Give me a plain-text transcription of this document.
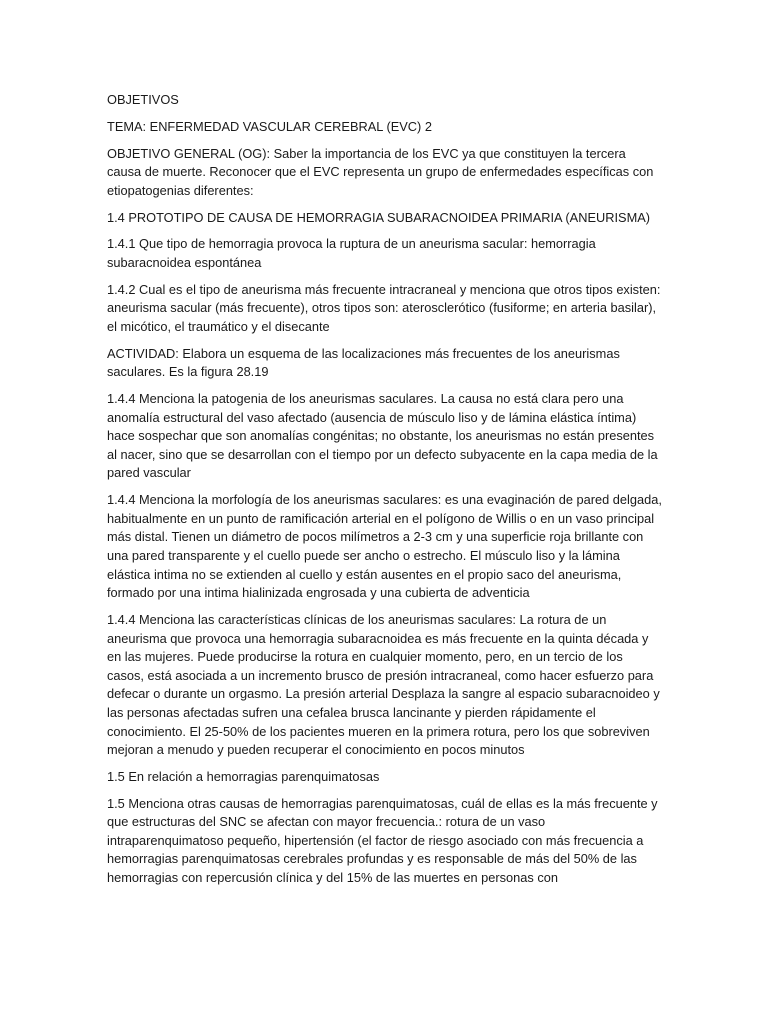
OBJETIVOS

TEMA: ENFERMEDAD VASCULAR CEREBRAL (EVC) 2

OBJETIVO GENERAL (OG): Saber la importancia de los EVC ya que constituyen la tercera causa de muerte. Reconocer que el EVC representa un grupo de enfermedades específicas con etiopatogenias diferentes:

1.4 PROTOTIPO DE CAUSA DE HEMORRAGIA SUBARACNOIDEA PRIMARIA (ANEURISMA)

1.4.1 Que tipo de hemorragia provoca la ruptura de un aneurisma sacular: hemorragia subaracnoidea espontánea

1.4.2 Cual es el tipo de aneurisma más frecuente intracraneal y menciona que otros tipos existen: aneurisma sacular (más frecuente), otros tipos son: aterosclerótico (fusiforme; en arteria basilar), el micótico, el traumático y el disecante

ACTIVIDAD: Elabora un esquema de las localizaciones más frecuentes de los aneurismas saculares. Es la figura 28.19

1.4.4 Menciona la patogenia de los aneurismas saculares. La causa no está clara pero una anomalía estructural del vaso afectado (ausencia de músculo liso y de lámina elástica íntima) hace sospechar que son anomalías congénitas; no obstante, los aneurismas no están presentes al nacer, sino que se desarrollan con el tiempo por un defecto subyacente en la capa media de la pared vascular

1.4.4 Menciona la morfología de los aneurismas saculares: es una evaginación de pared delgada, habitualmente en un punto de ramificación arterial en el polígono de Willis o en un vaso principal más distal. Tienen un diámetro de pocos milímetros a 2-3 cm y una superficie roja brillante con una pared transparente y el cuello puede ser ancho o estrecho. El músculo liso y la lámina elástica intima no se extienden al cuello y están ausentes en el propio saco del aneurisma, formado por una intima hialinizada engrosada y una cubierta de adventicia

1.4.4 Menciona las características clínicas de los aneurismas saculares: La rotura de un aneurisma que provoca una hemorragia subaracnoidea es más frecuente en la quinta década y en las mujeres. Puede producirse la rotura en cualquier momento, pero, en un tercio de los casos, está asociada a un incremento brusco de presión intracraneal, como hacer esfuerzo para defecar o durante un orgasmo. La presión arterial Desplaza la sangre al espacio subaracnoideo y las personas afectadas sufren una cefalea brusca lancinante y pierden rápidamente el conocimiento. El 25-50% de los pacientes mueren en la primera rotura, pero los que sobreviven mejoran a menudo y pueden recuperar el conocimiento en pocos minutos

1.5 En relación a hemorragias parenquimatosas

1.5 Menciona otras causas de hemorragias parenquimatosas, cuál de ellas es la más frecuente y que estructuras del SNC se afectan con mayor frecuencia.: rotura de un vaso intraparenquimatoso pequeño, hipertensión (el factor de riesgo asociado con más frecuencia a hemorragias parenquimatosas cerebrales profundas y es responsable de más del 50% de las hemorragias con repercusión clínica y del 15% de las muertes en personas con
